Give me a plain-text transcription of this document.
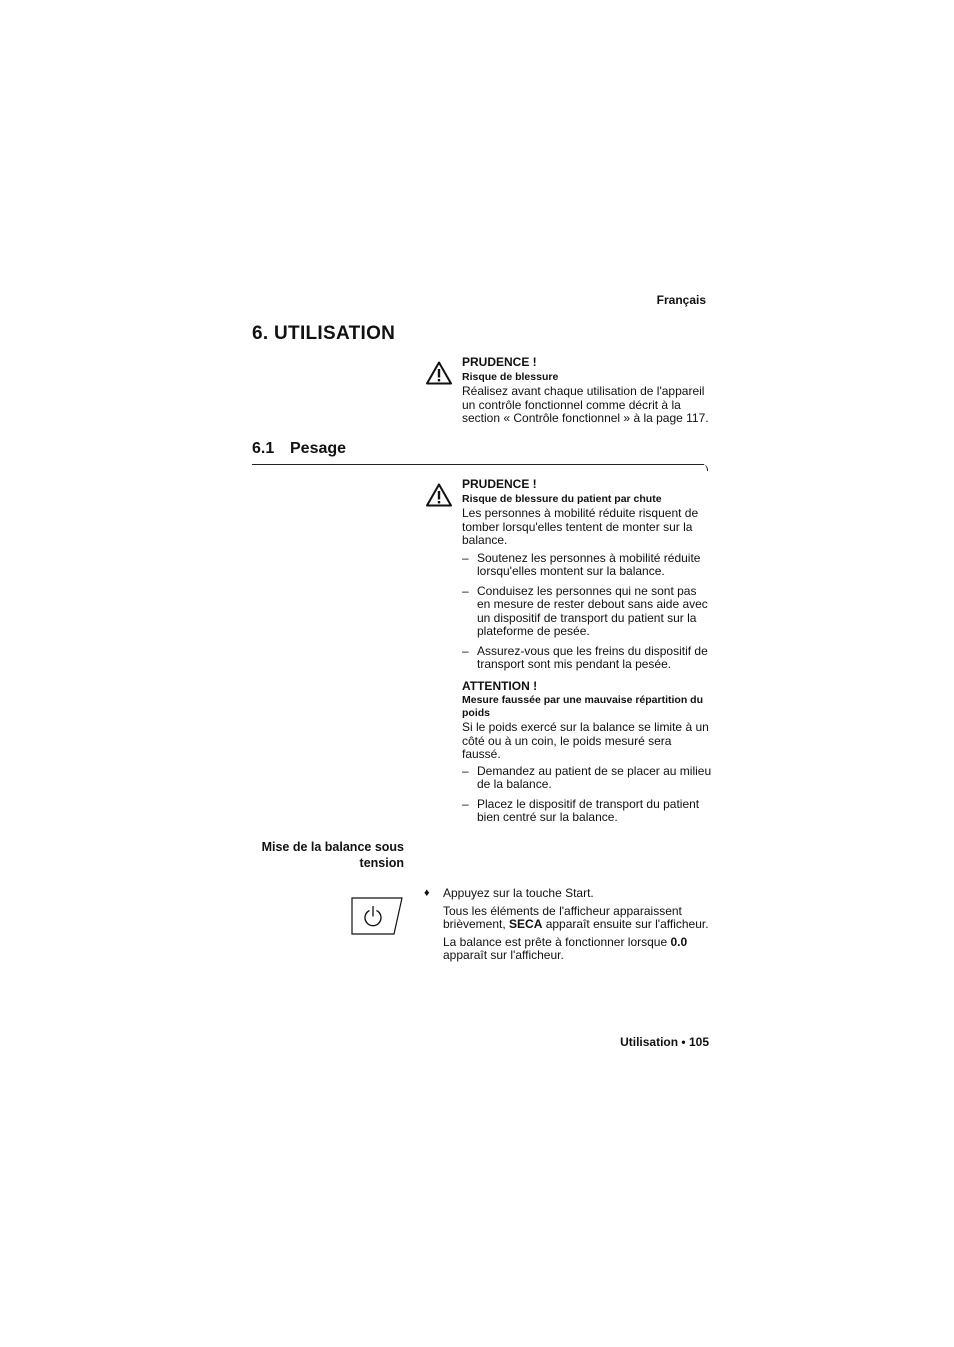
Français
6. UTILISATION
PRUDENCE !
Risque de blessure
Réalisez avant chaque utilisation de l'appareil un contrôle fonctionnel comme décrit à la section « Contrôle fonctionnel » à la page 117.
6.1 Pesage
PRUDENCE !
Risque de blessure du patient par chute
Les personnes à mobilité réduite risquent de tomber lorsqu'elles tentent de monter sur la balance.
– Soutenez les personnes à mobilité réduite lorsqu'elles montent sur la balance.
– Conduisez les personnes qui ne sont pas en mesure de rester debout sans aide avec un dispositif de transport du patient sur la plateforme de pesée.
– Assurez-vous que les freins du dispositif de transport sont mis pendant la pesée.
ATTENTION !
Mesure faussée par une mauvaise répartition du poids
Si le poids exercé sur la balance se limite à un côté ou à un coin, le poids mesuré sera faussé.
– Demandez au patient de se placer au milieu de la balance.
– Placez le dispositif de transport du patient bien centré sur la balance.
Mise de la balance sous tension
♦ Appuyez sur la touche Start.
Tous les éléments de l'afficheur apparaissent brièvement, SECA apparaît ensuite sur l'afficheur.
La balance est prête à fonctionner lorsque 0.0 apparaît sur l'afficheur.
Utilisation • 105
